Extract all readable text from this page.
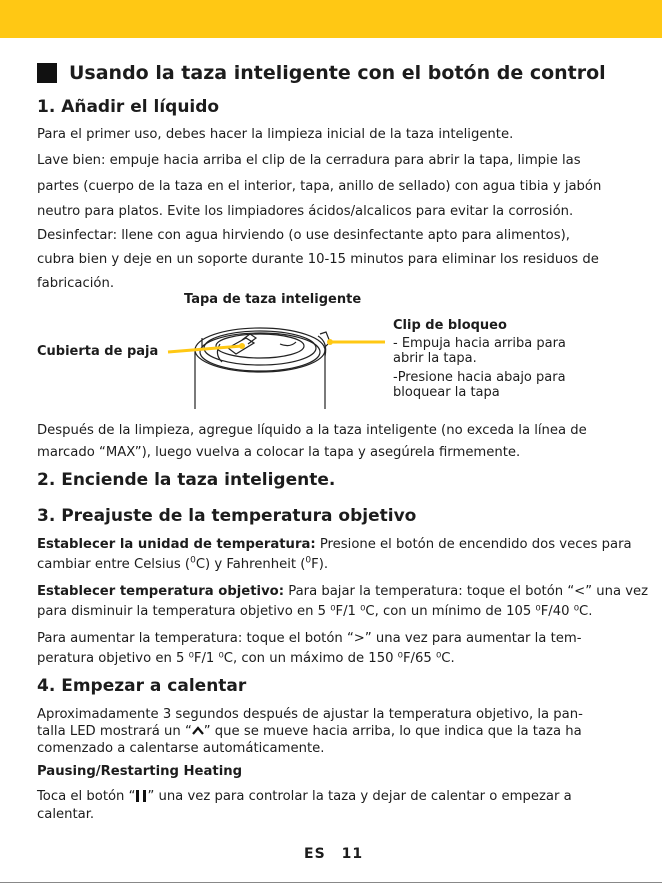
Usando la taza inteligente con el botón de control
1. Añadir el líquido
Para el primer uso, debes hacer la limpieza inicial de la taza inteligente.
Lave bien: empuje hacia arriba el clip de la cerradura para abrir la tapa, limpie las
partes (cuerpo de la taza en el interior, tapa, anillo de sellado) con agua tibia y jabón
neutro para platos. Evite los limpiadores ácidos/alcalicos para evitar la corrosión.
Desinfectar: llene con agua hirviendo (o use desinfectante apto para alimentos),
cubra bien y deje en un soporte durante 10-15 minutos para eliminar los residuos de
fabricación.
Tapa de taza inteligente
Cubierta de paja
Clip de bloqueo
- Empuja hacia arriba para
abrir la tapa.
-Presione hacia abajo para
bloquear la tapa
Después de la limpieza, agregue líquido a la taza inteligente (no exceda la línea de
marcado “MAX”), luego vuelva a colocar la tapa y asegúrela firmemente.
2. Enciende la taza inteligente.
3. Preajuste de la temperatura objetivo
Establecer la unidad de temperatura: Presione el botón de encendido dos veces para
cambiar entre Celsius ($^0$C) y Fahrenheit ($^0$F).
Establecer temperatura objetivo: Para bajar la temperatura: toque el botón “<” una vez
para disminuir la temperatura objetivo en 5 ⁰F/1 ⁰C, con un mínimo de 105 ⁰F/40 ⁰C.
Para aumentar la temperatura: toque el botón “>” una vez para aumentar la tem-
peratura objetivo en 5 ⁰F/1 ⁰C, con un máximo de 150 ⁰F/65 ⁰C.
4. Empezar a calentar
Aproximadamente 3 segundos después de ajustar la temperatura objetivo, la pan-
talla LED mostrará un “ ” que se mueve hacia arriba, lo que indica que la taza ha
comenzado a calentarse automáticamente.
Pausing/Restarting Heating
Toca el botón “ ” una vez para controlar la taza y dejar de calentar o empezar a
calentar.
ES 11
